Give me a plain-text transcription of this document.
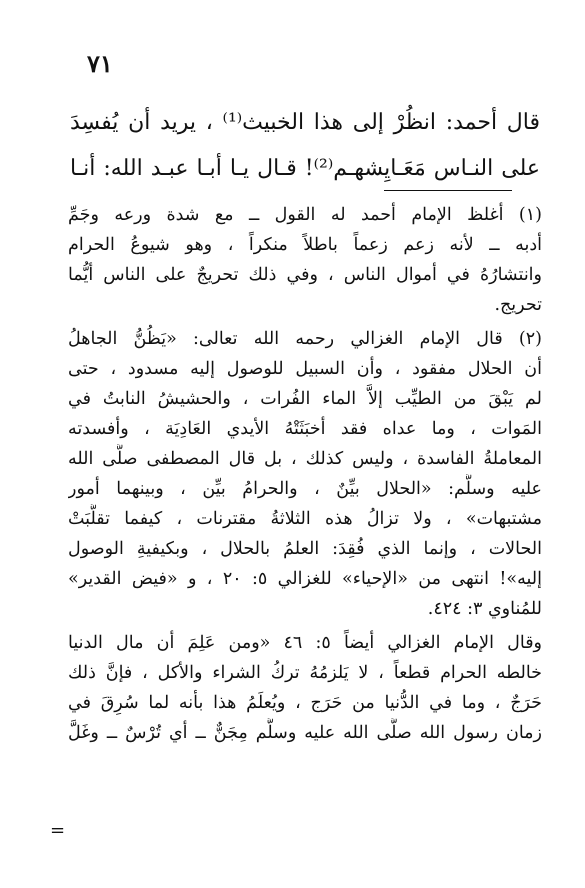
٧١
قال أحمد: انظُرْ إلى هذا الخبيث⁽¹⁾ ، يريد أن يُفسِدَ
على النـاس مَعَـايِشهـم⁽²⁾! قـال يـا أبـا عبـد الله: أنـا
(١) أغلظ الإمام أحمد له القول ــ مع شدة ورعه وجَمِّ
أدبه ــ لأنه زعم زعماً باطلاً منكراً ، وهو شيوعُ الحرام
وانتشارُهُ في أموال الناس ، وفي ذلك تحريجٌ على الناس أيُّما
تحريج.
(٢) قال الإمام الغزالي رحمه الله تعالى: «يَظُنُّ الجاهلُ
أن الحلال مفقود ، وأن السبيل للوصول إليه مسدود ، حتى
لم يَبْقَ من الطيِّب إلاَّ الماء الفُرات ، والحشيشُ النابتُ في
المَوات ، وما عداه فقد أخبَثَتْهُ الأيدي العَادِيَة ، وأفسدته
المعاملةُ الفاسدة ، وليس كذلك ، بل قال المصطفى صلَّى الله
عليه وسلَّم: «الحلال بيِّنٌ ، والحرامُ بيِّن ، وبينهما أمور
مشتبهات» ، ولا تزالُ هذه الثلاثةُ مقترنات ، كيفما تقلَّبَتْ
الحالات ، وإنما الذي فُقِدَ: العلمُ بالحلال ، وبكيفيةِ الوصول
إليه»! انتهى من «الإحياء» للغزالي ٥: ٢٠ ، و «فيض القدير»
للمُناوي ٣: ٤٢٤.
وقال الإمام الغزالي أيضاً ٥: ٤٦ «ومن عَلِمَ أن مال الدنيا
خالطه الحرام قطعاً ، لا يَلزمُهُ تركُ الشراء والأكل ، فإنَّ ذلك
حَرَجٌ ، وما في الدُّنيا من حَرَج ، ويُعلَمُ هذا بأنه لما سُرِقَ في
زمان رسول الله صلَّى الله عليه وسلَّم مِجَنٌّ ــ أي تُرْسٌ ــ وغَلَّ
=
